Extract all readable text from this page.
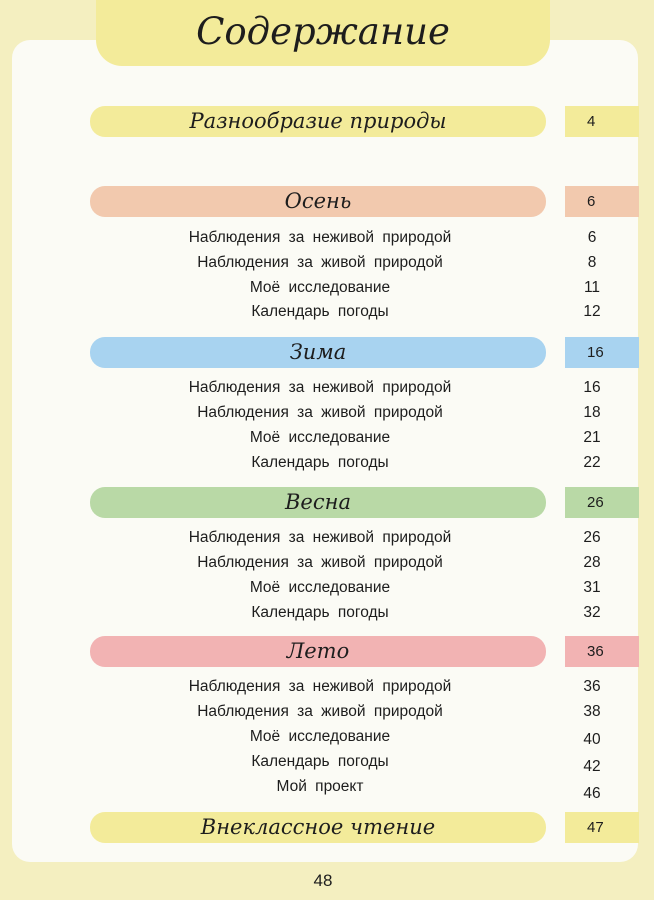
Содержание
Разнообразие природы	4
Осень	6
Наблюдения за неживой природой	6
Наблюдения за живой природой	8
Моё исследование	11
Календарь погоды	12
Зима	16
Наблюдения за неживой природой	16
Наблюдения за живой природой	18
Моё исследование	21
Календарь погоды	22
Весна	26
Наблюдения за неживой природой	26
Наблюдения за живой природой	28
Моё исследование	31
Календарь погоды	32
Лето	36
Наблюдения за неживой природой	36
Наблюдения за живой природой	38
Моё исследование	40
Календарь погоды	42
Мой проект	46
Внеклассное чтение	47
48
